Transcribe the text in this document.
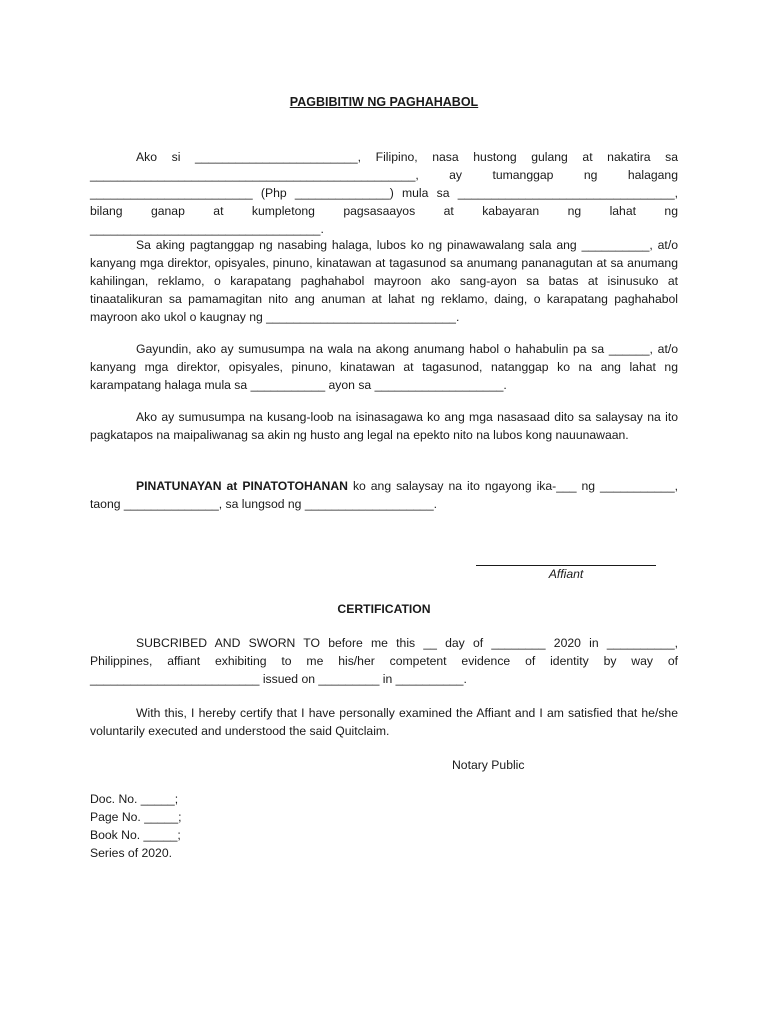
PAGBIBITIW NG PAGHAHABOL

Ako si ________________________, Filipino, nasa hustong gulang at nakatira sa ________________________________________________, ay tumanggap ng halagang ________________________ (Php ______________) mula sa ________________________________, bilang ganap at kumpletong pagsasaayos at kabayaran ng lahat ng __________________________________.

Sa aking pagtanggap ng nasabing halaga, lubos ko ng pinawawalang sala ang __________, at/o kanyang mga direktor, opisyales, pinuno, kinatawan at tagasunod sa anumang pananagutan at sa anumang kahilingan, reklamo, o karapatang paghahabol mayroon ako sang-ayon sa batas at isinusuko at tinaatalikuran sa pamamagitan nito ang anuman at lahat ng reklamo, daing, o karapatang paghahabol mayroon ako ukol o kaugnay ng ____________________________.

Gayundin, ako ay sumusumpa na wala na akong anumang habol o hahabulin pa sa ______, at/o kanyang mga direktor, opisyales, pinuno, kinatawan at tagasunod, natanggap ko na ang lahat ng karampatang halaga mula sa ___________ ayon sa ___________________.

Ako ay sumusumpa na kusang-loob na isinasagawa ko ang mga nasasaad dito sa salaysay na ito pagkatapos na maipaliwanag sa akin ng husto ang legal na epekto nito na lubos kong nauunawaan.

PINATUNAYAN at PINATOTOHANAN ko ang salaysay na ito ngayong ika-___ ng ___________, taong ______________, sa lungsod ng ___________________.

Affiant
CERTIFICATION

SUBCRIBED AND SWORN TO before me this __ day of ________ 2020 in __________, Philippines, affiant exhibiting to me his/her competent evidence of identity by way of _________________________ issued on _________ in __________.

With this, I hereby certify that I have personally examined the Affiant and I am satisfied that he/she voluntarily executed and understood the said Quitclaim.

Notary Public
Doc. No. _____;
Page No. _____;
Book No. _____;
Series of 2020.
